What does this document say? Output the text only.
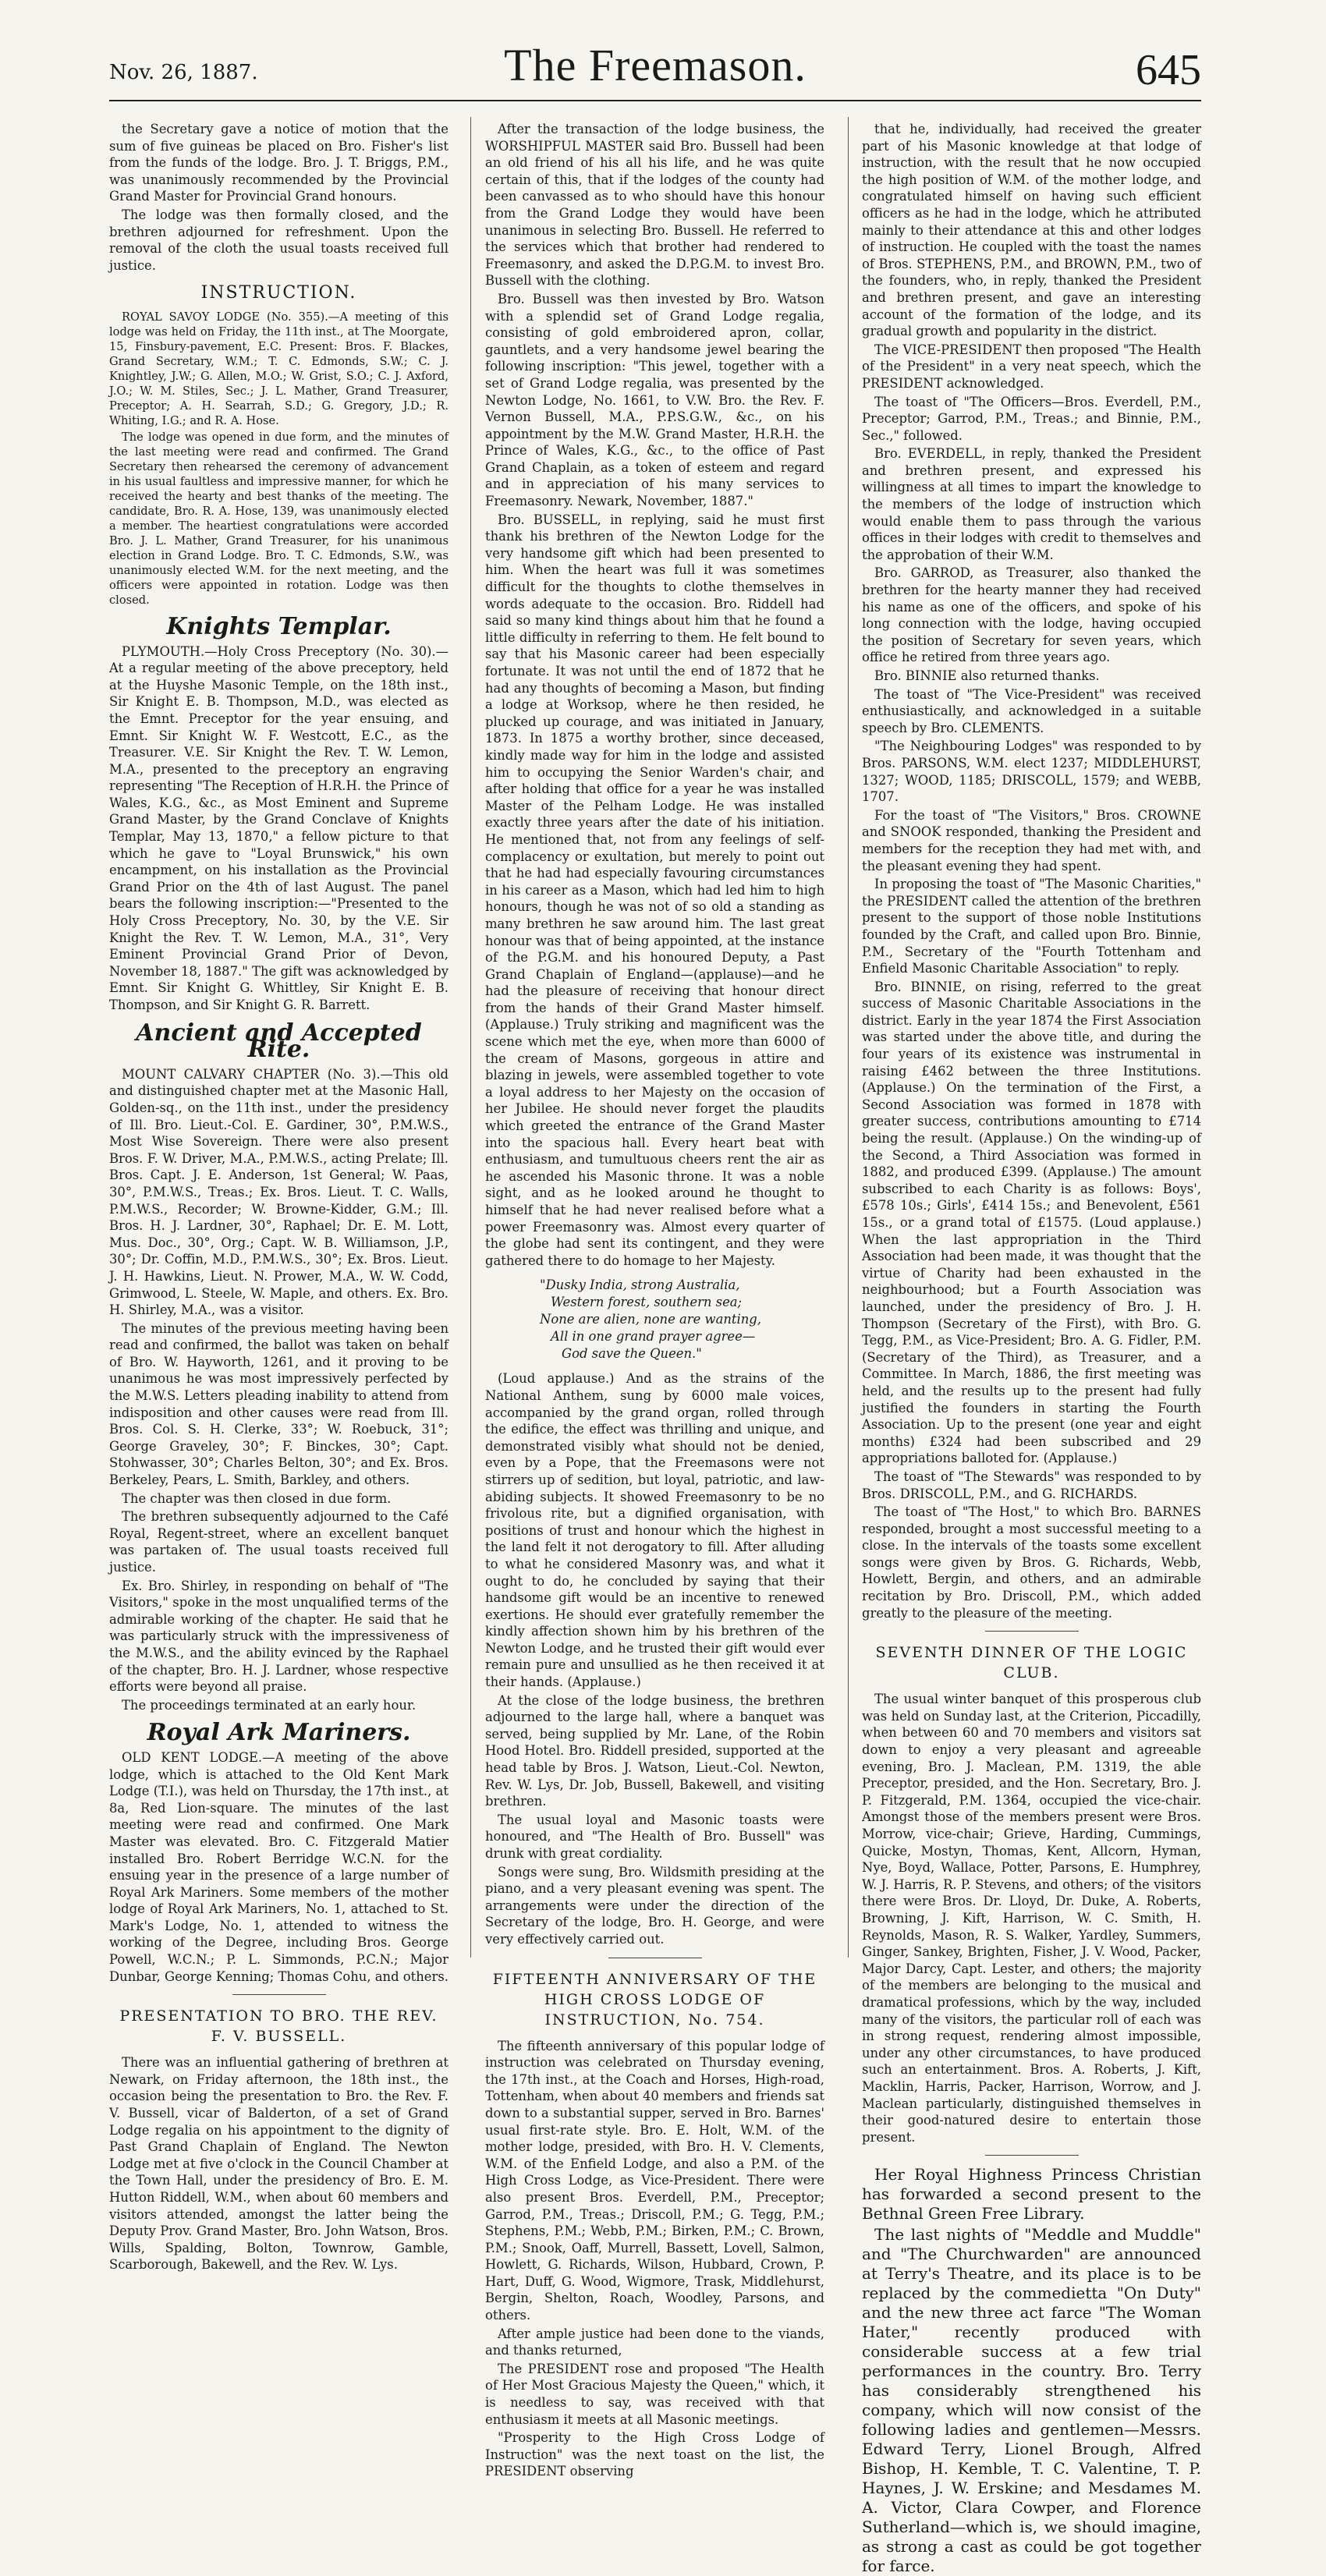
Nov. 26, 1887.	The Freemason.	645

the Secretary gave a notice of motion that the sum of five guineas be placed on Bro. Fisher's list from the funds of the lodge. Bro. J. T. Briggs, P.M., was unanimously recommended by the Provincial Grand Master for Provincial Grand honours.

The lodge was then formally closed, and the brethren adjourned for refreshment. Upon the removal of the cloth the usual toasts received full justice.

INSTRUCTION.

ROYAL SAVOY LODGE (No. 355).—A meeting of this lodge was held on Friday, the 11th inst., at The Moorgate, 15, Finsbury-pavement, E.C. Present: Bros. F. Blackes, Grand Secretary, W.M.; T. C. Edmonds, S.W.; C. J. Knightley, J.W.; G. Allen, M.O.; W. Grist, S.O.; C. J. Axford, J.O.; W. M. Stiles, Sec.; J. L. Mather, Grand Treasurer, Preceptor; A. H. Searrah, S.D.; G. Gregory, J.D.; R. Whiting, I.G.; and R. A. Hose.

The lodge was opened in due form, and the minutes of the last meeting were read and confirmed. The Grand Secretary then rehearsed the ceremony of advancement in his usual faultless and impressive manner, for which he received the hearty and best thanks of the meeting. The candidate, Bro. R. A. Hose, 139, was unanimously elected a member. The heartiest congratulations were accorded Bro. J. L. Mather, Grand Treasurer, for his unanimous election in Grand Lodge. Bro. T. C. Edmonds, S.W., was unanimously elected W.M. for the next meeting, and the officers were appointed in rotation. Lodge was then closed.

Knights Templar.

PLYMOUTH.—Holy Cross Preceptory (No. 30).—At a regular meeting of the above preceptory, held at the Huyshe Masonic Temple, on the 18th inst., Sir Knight E. B. Thompson, M.D., was elected as the Emnt. Preceptor for the year ensuing, and Emnt. Sir Knight W. F. Westcott, E.C., as the Treasurer. V.E. Sir Knight the Rev. T. W. Lemon, M.A., presented to the preceptory an engraving representing "The Reception of H.R.H. the Prince of Wales, K.G., &c., as Most Eminent and Supreme Grand Master, by the Grand Conclave of Knights Templar, May 13, 1870," a fellow picture to that which he gave to "Loyal Brunswick," his own encampment, on his installation as the Provincial Grand Prior on the 4th of last August. The panel bears the following inscription:—"Presented to the Holy Cross Preceptory, No. 30, by the V.E. Sir Knight the Rev. T. W. Lemon, M.A., 31°, Very Eminent Provincial Grand Prior of Devon, November 18, 1887." The gift was acknowledged by Emnt. Sir Knight G. Whittley, Sir Knight E. B. Thompson, and Sir Knight G. R. Barrett.

Ancient and Accepted Rite.

MOUNT CALVARY CHAPTER (No. 3).—This old and distinguished chapter met at the Masonic Hall, Golden-sq., on the 11th inst., under the presidency of Ill. Bro. Lieut.-Col. E. Gardiner, 30°, P.M.W.S., Most Wise Sovereign. There were also present Bros. F. W. Driver, M.A., P.M.W.S., acting Prelate; Ill. Bros. Capt. J. E. Anderson, 1st General; W. Paas, 30°, P.M.W.S., Treas.; Ex. Bros. Lieut. T. C. Walls, P.M.W.S., Recorder; W. Browne-Kidder, G.M.; Ill. Bros. H. J. Lardner, 30°, Raphael; Dr. E. M. Lott, Mus. Doc., 30°, Org.; Capt. W. B. Williamson, J.P., 30°; Dr. Coffin, M.D., P.M.W.S., 30°; Ex. Bros. Lieut. J. H. Hawkins, Lieut. N. Prower, M.A., W. W. Codd, Grimwood, L. Steele, W. Maple, and others. Ex. Bro. H. Shirley, M.A., was a visitor.

The minutes of the previous meeting having been read and confirmed, the ballot was taken on behalf of Bro. W. Hayworth, 1261, and it proving to be unanimous he was most impressively perfected by the M.W.S. Letters pleading inability to attend from indisposition and other causes were read from Ill. Bros. Col. S. H. Clerke, 33°; W. Roebuck, 31°; George Graveley, 30°; F. Binckes, 30°; Capt. Stohwasser, 30°; Charles Belton, 30°; and Ex. Bros. Berkeley, Pears, L. Smith, Barkley, and others.

The chapter was then closed in due form.

The brethren subsequently adjourned to the Café Royal, Regent-street, where an excellent banquet was partaken of. The usual toasts received full justice.

Ex. Bro. Shirley, in responding on behalf of "The Visitors," spoke in the most unqualified terms of the admirable working of the chapter. He said that he was particularly struck with the impressiveness of the M.W.S., and the ability evinced by the Raphael of the chapter, Bro. H. J. Lardner, whose respective efforts were beyond all praise.

The proceedings terminated at an early hour.

Royal Ark Mariners.

OLD KENT LODGE.—A meeting of the above lodge, which is attached to the Old Kent Mark Lodge (T.I.), was held on Thursday, the 17th inst., at 8a, Red Lion-square. The minutes of the last meeting were read and confirmed. One Mark Master was elevated. Bro. C. Fitzgerald Matier installed Bro. Robert Berridge W.C.N. for the ensuing year in the presence of a large number of Royal Ark Mariners. Some members of the mother lodge of Royal Ark Mariners, No. 1, attached to St. Mark's Lodge, No. 1, attended to witness the working of the Degree, including Bros. George Powell, W.C.N.; P. L. Simmonds, P.C.N.; Major Dunbar, George Kenning; Thomas Cohu, and others.

PRESENTATION TO BRO. THE REV. F. V. BUSSELL.

There was an influential gathering of brethren at Newark, on Friday afternoon, the 18th inst., the occasion being the presentation to Bro. the Rev. F. V. Bussell, vicar of Balderton, of a set of Grand Lodge regalia on his appointment to the dignity of Past Grand Chaplain of England. The Newton Lodge met at five o'clock in the Council Chamber at the Town Hall, under the presidency of Bro. E. M. Hutton Riddell, W.M., when about 60 members and visitors attended, amongst the latter being the Deputy Prov. Grand Master, Bro. John Watson, Bros. Wills, Spalding, Bolton, Townrow, Gamble, Scarborough, Bakewell, and the Rev. W. Lys.

After the transaction of the lodge business, the WORSHIPFUL MASTER said Bro. Bussell had been an old friend of his all his life, and he was quite certain of this, that if the lodges of the county had been canvassed as to who should have this honour from the Grand Lodge they would have been unanimous in selecting Bro. Bussell. He referred to the services which that brother had rendered to Freemasonry, and asked the D.P.G.M. to invest Bro. Bussell with the clothing.

Bro. Bussell was then invested by Bro. Watson with a splendid set of Grand Lodge regalia, consisting of gold embroidered apron, collar, gauntlets, and a very handsome jewel bearing the following inscription: "This jewel, together with a set of Grand Lodge regalia, was presented by the Newton Lodge, No. 1661, to V.W. Bro. the Rev. F. Vernon Bussell, M.A., P.P.S.G.W., &c., on his appointment by the M.W. Grand Master, H.R.H. the Prince of Wales, K.G., &c., to the office of Past Grand Chaplain, as a token of esteem and regard and in appreciation of his many services to Freemasonry. Newark, November, 1887."

Bro. BUSSELL, in replying, said he must first thank his brethren of the Newton Lodge for the very handsome gift which had been presented to him. When the heart was full it was sometimes difficult for the thoughts to clothe themselves in words adequate to the occasion. Bro. Riddell had said so many kind things about him that he found a little difficulty in referring to them. He felt bound to say that his Masonic career had been especially fortunate. It was not until the end of 1872 that he had any thoughts of becoming a Mason, but finding a lodge at Worksop, where he then resided, he plucked up courage, and was initiated in January, 1873. In 1875 a worthy brother, since deceased, kindly made way for him in the lodge and assisted him to occupying the Senior Warden's chair, and after holding that office for a year he was installed Master of the Pelham Lodge. He was installed exactly three years after the date of his initiation. He mentioned that, not from any feelings of self-complacency or exultation, but merely to point out that he had had especially favouring circumstances in his career as a Mason, which had led him to high honours, though he was not of so old a standing as many brethren he saw around him. The last great honour was that of being appointed, at the instance of the P.G.M. and his honoured Deputy, a Past Grand Chaplain of England—(applause)—and he had the pleasure of receiving that honour direct from the hands of their Grand Master himself. (Applause.) Truly striking and magnificent was the scene which met the eye, when more than 6000 of the cream of Masons, gorgeous in attire and blazing in jewels, were assembled together to vote a loyal address to her Majesty on the occasion of her Jubilee. He should never forget the plaudits which greeted the entrance of the Grand Master into the spacious hall. Every heart beat with enthusiasm, and tumultuous cheers rent the air as he ascended his Masonic throne. It was a noble sight, and as he looked around he thought to himself that he had never realised before what a power Freemasonry was. Almost every quarter of the globe had sent its contingent, and they were gathered there to do homage to her Majesty.

"Dusky India, strong Australia,
Western forest, southern sea;
None are alien, none are wanting,
All in one grand prayer agree—
God save the Queen."

(Loud applause.) And as the strains of the National Anthem, sung by 6000 male voices, accompanied by the grand organ, rolled through the edifice, the effect was thrilling and unique, and demonstrated visibly what should not be denied, even by a Pope, that the Freemasons were not stirrers up of sedition, but loyal, patriotic, and law-abiding subjects. It showed Freemasonry to be no frivolous rite, but a dignified organisation, with positions of trust and honour which the highest in the land felt it not derogatory to fill. After alluding to what he considered Masonry was, and what it ought to do, he concluded by saying that their handsome gift would be an incentive to renewed exertions. He should ever gratefully remember the kindly affection shown him by his brethren of the Newton Lodge, and he trusted their gift would ever remain pure and unsullied as he then received it at their hands. (Applause.)

At the close of the lodge business, the brethren adjourned to the large hall, where a banquet was served, being supplied by Mr. Lane, of the Robin Hood Hotel. Bro. Riddell presided, supported at the head table by Bros. J. Watson, Lieut.-Col. Newton, Rev. W. Lys, Dr. Job, Bussell, Bakewell, and visiting brethren.

The usual loyal and Masonic toasts were honoured, and "The Health of Bro. Bussell" was drunk with great cordiality.

Songs were sung, Bro. Wildsmith presiding at the piano, and a very pleasant evening was spent. The arrangements were under the direction of the Secretary of the lodge, Bro. H. George, and were very effectively carried out.

FIFTEENTH ANNIVERSARY OF THE HIGH CROSS LODGE OF INSTRUCTION, No. 754.

The fifteenth anniversary of this popular lodge of instruction was celebrated on Thursday evening, the 17th inst., at the Coach and Horses, High-road, Tottenham, when about 40 members and friends sat down to a substantial supper, served in Bro. Barnes' usual first-rate style. Bro. E. Holt, W.M. of the mother lodge, presided, with Bro. H. V. Clements, W.M. of the Enfield Lodge, and also a P.M. of the High Cross Lodge, as Vice-President. There were also present Bros. Everdell, P.M., Preceptor; Garrod, P.M., Treas.; Driscoll, P.M.; G. Tegg, P.M.; Stephens, P.M.; Webb, P.M.; Birken, P.M.; C. Brown, P.M.; Snook, Oaff, Murrell, Bassett, Lovell, Salmon, Howlett, G. Richards, Wilson, Hubbard, Crown, P. Hart, Duff, G. Wood, Wigmore, Trask, Middlehurst, Bergin, Shelton, Roach, Woodley, Parsons, and others.

After ample justice had been done to the viands, and thanks returned,

The PRESIDENT rose and proposed "The Health of Her Most Gracious Majesty the Queen," which, it is needless to say, was received with that enthusiasm it meets at all Masonic meetings.

"Prosperity to the High Cross Lodge of Instruction" was the next toast on the list, the PRESIDENT observing

that he, individually, had received the greater part of his Masonic knowledge at that lodge of instruction, with the result that he now occupied the high position of W.M. of the mother lodge, and congratulated himself on having such efficient officers as he had in the lodge, which he attributed mainly to their attendance at this and other lodges of instruction. He coupled with the toast the names of Bros. STEPHENS, P.M., and BROWN, P.M., two of the founders, who, in reply, thanked the President and brethren present, and gave an interesting account of the formation of the lodge, and its gradual growth and popularity in the district.

The VICE-PRESIDENT then proposed "The Health of the President" in a very neat speech, which the PRESIDENT acknowledged.

The toast of "The Officers—Bros. Everdell, P.M., Preceptor; Garrod, P.M., Treas.; and Binnie, P.M., Sec.," followed.

Bro. EVERDELL, in reply, thanked the President and brethren present, and expressed his willingness at all times to impart the knowledge to the members of the lodge of instruction which would enable them to pass through the various offices in their lodges with credit to themselves and the approbation of their W.M.

Bro. GARROD, as Treasurer, also thanked the brethren for the hearty manner they had received his name as one of the officers, and spoke of his long connection with the lodge, having occupied the position of Secretary for seven years, which office he retired from three years ago.

Bro. BINNIE also returned thanks.

The toast of "The Vice-President" was received enthusiastically, and acknowledged in a suitable speech by Bro. CLEMENTS.

"The Neighbouring Lodges" was responded to by Bros. PARSONS, W.M. elect 1237; MIDDLEHURST, 1327; WOOD, 1185; DRISCOLL, 1579; and WEBB, 1707.

For the toast of "The Visitors," Bros. CROWNE and SNOOK responded, thanking the President and members for the reception they had met with, and the pleasant evening they had spent.

In proposing the toast of "The Masonic Charities," the PRESIDENT called the attention of the brethren present to the support of those noble Institutions founded by the Craft, and called upon Bro. Binnie, P.M., Secretary of the "Fourth Tottenham and Enfield Masonic Charitable Association" to reply.

Bro. BINNIE, on rising, referred to the great success of Masonic Charitable Associations in the district. Early in the year 1874 the First Association was started under the above title, and during the four years of its existence was instrumental in raising £462 between the three Institutions. (Applause.) On the termination of the First, a Second Association was formed in 1878 with greater success, contributions amounting to £714 being the result. (Applause.) On the winding-up of the Second, a Third Association was formed in 1882, and produced £399. (Applause.) The amount subscribed to each Charity is as follows: Boys', £578 10s.; Girls', £414 15s.; and Benevolent, £561 15s., or a grand total of £1575. (Loud applause.) When the last appropriation in the Third Association had been made, it was thought that the virtue of Charity had been exhausted in the neighbourhood; but a Fourth Association was launched, under the presidency of Bro. J. H. Thompson (Secretary of the First), with Bro. G. Tegg, P.M., as Vice-President; Bro. A. G. Fidler, P.M. (Secretary of the Third), as Treasurer, and a Committee. In March, 1886, the first meeting was held, and the results up to the present had fully justified the founders in starting the Fourth Association. Up to the present (one year and eight months) £324 had been subscribed and 29 appropriations balloted for. (Applause.)

The toast of "The Stewards" was responded to by Bros. DRISCOLL, P.M., and G. RICHARDS.

The toast of "The Host," to which Bro. BARNES responded, brought a most successful meeting to a close. In the intervals of the toasts some excellent songs were given by Bros. G. Richards, Webb, Howlett, Bergin, and others, and an admirable recitation by Bro. Driscoll, P.M., which added greatly to the pleasure of the meeting.

SEVENTH DINNER OF THE LOGIC CLUB.

The usual winter banquet of this prosperous club was held on Sunday last, at the Criterion, Piccadilly, when between 60 and 70 members and visitors sat down to enjoy a very pleasant and agreeable evening, Bro. J. Maclean, P.M. 1319, the able Preceptor, presided, and the Hon. Secretary, Bro. J. P. Fitzgerald, P.M. 1364, occupied the vice-chair. Amongst those of the members present were Bros. Morrow, vice-chair; Grieve, Harding, Cummings, Quicke, Mostyn, Thomas, Kent, Allcorn, Hyman, Nye, Boyd, Wallace, Potter, Parsons, E. Humphrey, W. J. Harris, R. P. Stevens, and others; of the visitors there were Bros. Dr. Lloyd, Dr. Duke, A. Roberts, Browning, J. Kift, Harrison, W. C. Smith, H. Reynolds, Mason, R. S. Walker, Yardley, Summers, Ginger, Sankey, Brighten, Fisher, J. V. Wood, Packer, Major Darcy, Capt. Lester, and others; the majority of the members are belonging to the musical and dramatical professions, which by the way, included many of the visitors, the particular roll of each was in strong request, rendering almost impossible, under any other circumstances, to have produced such an entertainment. Bros. A. Roberts, J. Kift, Macklin, Harris, Packer, Harrison, Worrow, and J. Maclean particularly, distinguished themselves in their good-natured desire to entertain those present.

Her Royal Highness Princess Christian has forwarded a second present to the Bethnal Green Free Library.

The last nights of "Meddle and Muddle" and "The Churchwarden" are announced at Terry's Theatre, and its place is to be replaced by the commedietta "On Duty" and the new three act farce "The Woman Hater," recently produced with considerable success at a few trial performances in the country. Bro. Terry has considerably strengthened his company, which will now consist of the following ladies and gentlemen—Messrs. Edward Terry, Lionel Brough, Alfred Bishop, H. Kemble, T. C. Valentine, T. P. Haynes, J. W. Erskine; and Mesdames M. A. Victor, Clara Cowper, and Florence Sutherland—which is, we should imagine, as strong a cast as could be got together for farce.
